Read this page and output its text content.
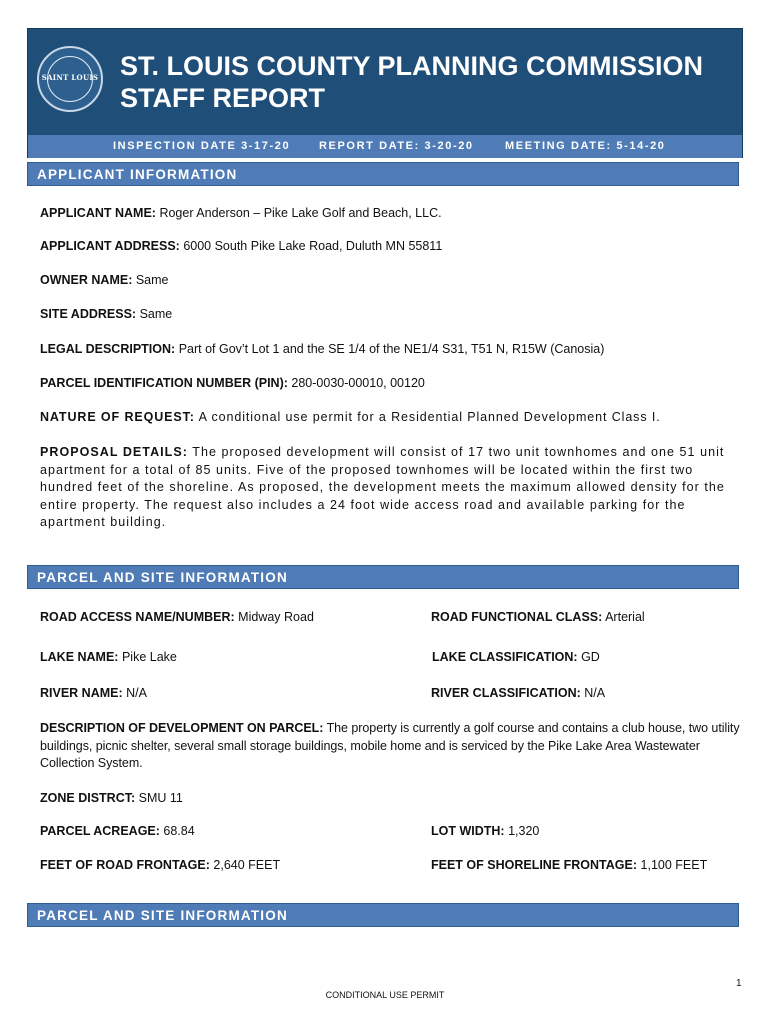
SAINT LOUIS ST. LOUIS COUNTY PLANNING COMMISSION
STAFF REPORT
INSPECTION DATE 3-17-20	REPORT DATE: 3-20-20	MEETING DATE: 5-14-20
APPLICANT INFORMATION
APPLICANT NAME: Roger Anderson – Pike Lake Golf and Beach, LLC.
APPLICANT ADDRESS: 6000 South Pike Lake Road, Duluth MN 55811
OWNER NAME: Same
SITE ADDRESS: Same
LEGAL DESCRIPTION: Part of Gov’t Lot 1 and the SE 1/4 of the NE1/4 S31, T51 N, R15W (Canosia)
PARCEL IDENTIFICATION NUMBER (PIN): 280-0030-00010, 00120
NATURE OF REQUEST: A conditional use permit for a Residential Planned Development Class I.
PROPOSAL DETAILS: The proposed development will consist of 17 two unit townhomes and one 51 unit apartment for a total of 85 units. Five of the proposed townhomes will be located within the first two hundred feet of the shoreline. As proposed, the development meets the maximum allowed density for the entire property. The request also includes a 24 foot wide access road and available parking for the apartment building.
PARCEL AND SITE INFORMATION
ROAD ACCESS NAME/NUMBER: Midway Road	ROAD FUNCTIONAL CLASS: Arterial
LAKE NAME: Pike Lake	LAKE CLASSIFICATION: GD
RIVER NAME: N/A	RIVER CLASSIFICATION: N/A
DESCRIPTION OF DEVELOPMENT ON PARCEL: The property is currently a golf course and contains a club house, two utility buildings, picnic shelter, several small storage buildings, mobile home and is serviced by the Pike Lake Area Wastewater Collection System.
ZONE DISTRCT: SMU 11
PARCEL ACREAGE: 68.84	LOT WIDTH: 1,320
FEET OF ROAD FRONTAGE: 2,640 FEET	FEET OF SHORELINE FRONTAGE: 1,100 FEET
PARCEL AND SITE INFORMATION
1
CONDITIONAL USE PERMIT
